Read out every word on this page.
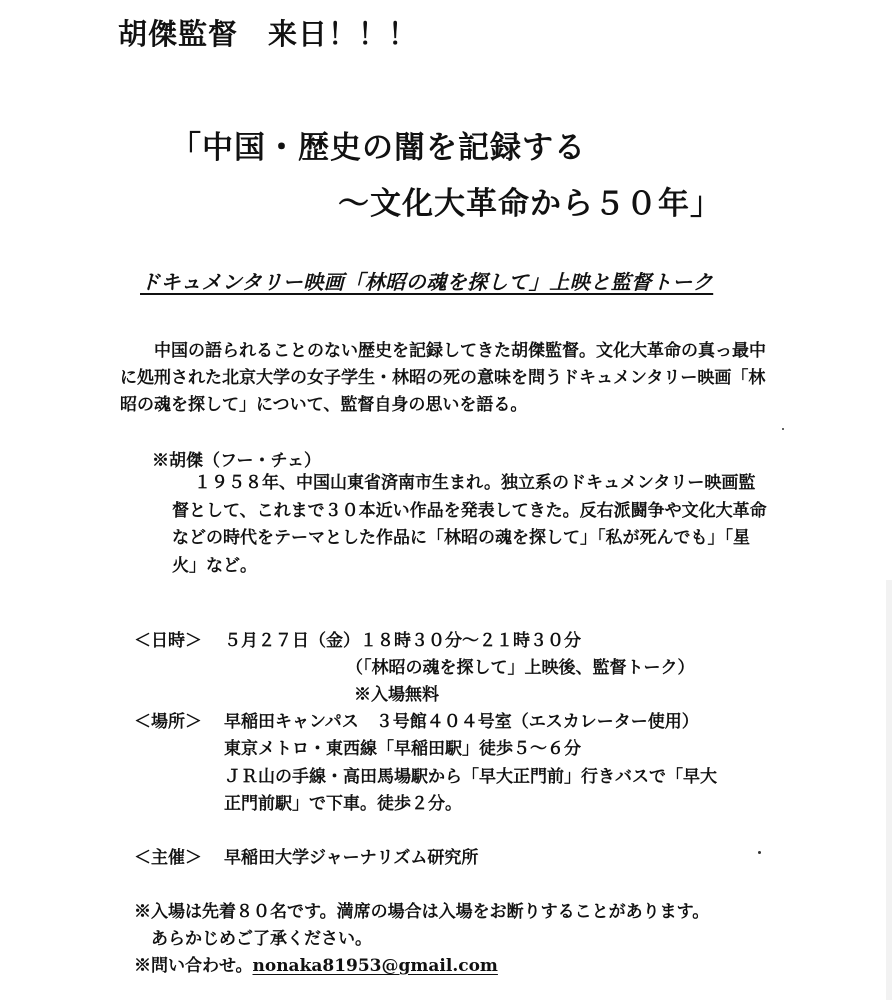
胡傑監督　来日！！！
「中国・歴史の闇を記録する
～文化大革命から５０年」
ドキュメンタリー映画「林昭の魂を探して」上映と監督トーク
中国の語られることのない歴史を記録してきた胡傑監督。文化大革命の真っ最中に処刑された北京大学の女子学生・林昭の死の意味を問うドキュメンタリー映画「林昭の魂を探して」について、監督自身の思いを語る。
※胡傑（フー・チェ）
１９５８年、中国山東省済南市生まれ。独立系のドキュメンタリー映画監督として、これまで３０本近い作品を発表してきた。反右派闘争や文化大革命などの時代をテーマとした作品に「林昭の魂を探して」「私が死んでも」「星火」など。
＜日時＞ ５月２７日（金）１８時３０分～２１時３０分
（「林昭の魂を探して」上映後、監督トーク）
※入場無料
＜場所＞ 早稲田キャンパス　３号館４０４号室（エスカレーター使用）
東京メトロ・東西線「早稲田駅」徒歩５～６分
ＪＲ山の手線・高田馬場駅から「早大正門前」行きバスで「早大
正門前駅」で下車。徒歩２分。
＜主催＞ 早稲田大学ジャーナリズム研究所
※入場は先着８０名です。満席の場合は入場をお断りすることがあります。
　あらかじめご了承ください。
※問い合わせ。nonaka81953@gmail.com
